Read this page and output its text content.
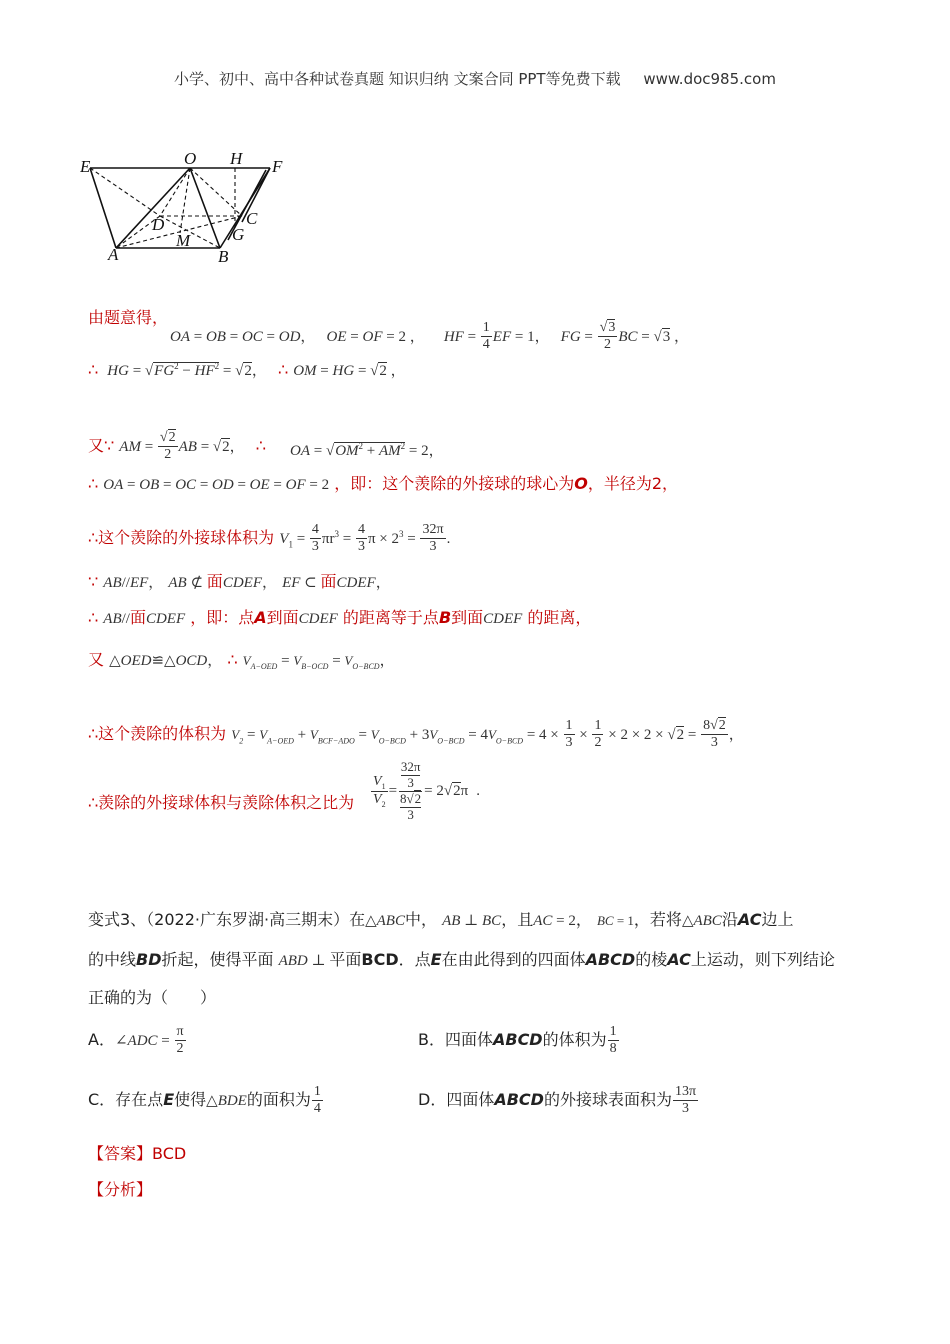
小学、初中、高中各种试卷真题 知识归纳 文案合同 PPT等免费下载 www.doc985.com
E	O H F
D	C
G
A
M
B
由题意得，
OA = OB = OC = OD， OE = OF = 2 ， HF = $\frac{1}{4}$ EF = 1， FG = $\frac{√3}{2}$ BC = √3 ，
∴ HG = $√FG^2 - HF^2 = √2$， ∴ OM = HG = √2 ，
又∵ AM = $\frac{√2}{2}$ AB = √2， ∴ OA = $√OM^2 + AM^2 = 2$，
∴ OA = OB = OC = OD = OE = OF = 2 ，即：这个羡除的外接球的球心为O，半径为2，
∴这个羡除的外接球体积为 $V_1 = \frac{4}{3} \pi r^3 = \frac{4}{3}$ $\pi \times 2^3 = \frac{32\pi}{3}$ .
∵ AB//EF， AB ⊄ 面CDEF， EF ⊂ 面CDEF，
∴ AB//面CDEF ，即：点A到面CDEF 的距离等于点B到面CDEF 的距离，
又 △OED≌△OCD， ∴ $V_{A-OED} = V_{B-OCD} = V_{O-BCD}$，
∴这个羡除的体积为 $V_2 = V_{A-OED} + V_{BCF-ADO} = V_{O-BCD} + 3V_{O-BCD} = 4V_{O-BCD} = 4 \times \frac{1}{3} \times \frac{1}{2} \times 2 \times 2 \times √2 = \frac{8√2}{3}$ ，
∴羡除的外接球体积与羡除体积之比为 $\frac{V_1}{V_2} = 32\pi$
3
8√2
3 = 2√2π .
变式3、（2022·广东罗湖·高三期末）在△ABC中， AB ⊥ BC，且AC = 2， BC = 1，若将△ABC沿AC边上
的中线BD折起，使得平面 ABD ⊥ 平面BCD．点E在由此得到的四面体ABCD的棱AC上运动，则下列结论
正确的为（　　）
A．∠ADC = $\frac{\pi}{2}$	B．四面体ABCD的体积为 $\frac{1}{8}$
C．存在点E使得△BDE的面积为 $\frac{1}{4}$	D．四面体ABCD的外接球表面积为 $\frac{13\pi}{3}$
【答案】BCD
【分析】
